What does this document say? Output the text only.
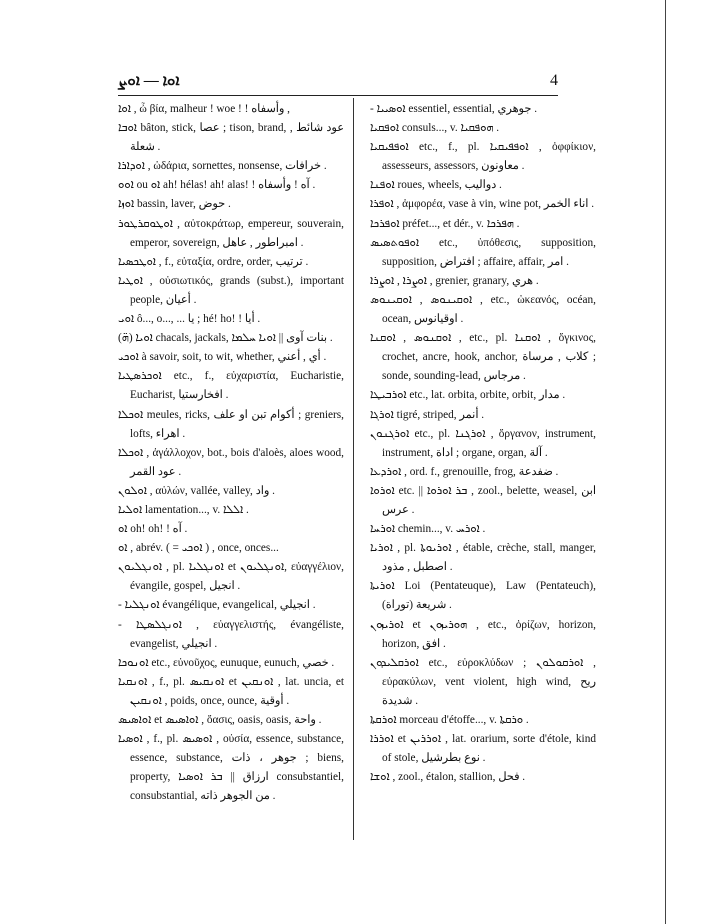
ܐܘܐ — ܐܘܨ	4

ܐܘܐ , ὦ βία, malheur ! woe ! ! وأسفاه ,

ܐܘܒܐ bâton, stick, عصا ; tison, brand, عود شائط , شعلة .

ܐܘܕܐܪܐ , ὠδάρια, sornettes, nonsense, خرافات .

ܐܘܘ ou ܐܘ ah! hélas! ah! alas! ! آه ! وأسفاه .

ܐܘܙܐ bassin, laver, حوض .

ܐܘܛܘܩܪܛܘܪ , αὐτοκράτωρ, empereur, souverain, emperor, sovereign, امبراطور , عاهل .

ܐܘܛܟܣܝܐ , f., εὐταξία, ordre, order, ترتيب .

ܐܘܛܝܐ , οὐσιωτικός, grands (subst.), important people, أعيان .

ܐܘܝ ô..., o..., ... يا ; hé! ho! ! أيا .

ܐܘܝܐ (ܗ̈) chacals, jackals, بنات آوى || ܐܘܝܐ ܚܠܡܐ .

ܐܘܟܝ à savoir, soit, to wit, whether, أي , أعني .

ܐܘܟܪܣܛܝܐ etc., f., εὐχαριστία, Eucharistie, Eucharist, افخارستيا .

ܐܘܟܠܐ meules, ricks, أكوام تبن او علف ; greniers, lofts, اهراء .

ܐܘܟܠܐ , ἀγάλλοχον, bot., bois d'aloès, aloes wood, عود القمر .

ܐܘܠܘܢ , αὐλών, vallée, valley, واد .

ܐܘܠܝܐ lamentation..., v. ܐܠܠܐ .

ܐܘ oh! oh! ! آه .

ܐܘ , abrév. ( = ܐܘܟܝ ) , once, onces...

ܐܘܢܓܠܝܘܢ , pl. ܐܘܢܓܠܝܐ et ܐܘܢܓܠܝܘܢ, εὐαγγέλιον, évangile, gospel, انجيل .

- ܐܘܢܓܠܝܐ évangélique, evangelical, انجيلي .

- ܐܘܢܓܠܣܛܐ , εὐαγγελιστής, évangéliste, evangelist, انجيلي .

ܐܘܢܘܟܐ etc., εὐνοῦχος, eunuque, eunuch, خصي .

ܐܘܢܩܝܐ , f., pl. ܐܘܢܩܝܣ et ܐܘܢܩܝܢ , lat. uncia, et ܐܘܢܩܝܢ , poids, once, ounce, أوقية .

ܐܘܐܣܝܣ et ܐܘܐܣܝܣ , ὄασις, oasis, oasis, واحة .

ܐܘܣܝܐ , f., pl. ܐܘܣܝܣ , οὐσία, essence, substance, essence, substance, جوهر ، ذات ; biens, property, ارزاق || ܒܪ ܐܘܣܝܐ consubstantiel, consubstantial, من الجوهر ذاته .

- ܐܘܣܝܝܐ essentiel, essential, جوهري .

ܐܘܦܩܝܐ consuls..., v. ܗܘܦܩܝܐ .

ܐܘܦܦܝܩܝܐ etc., f., pl. ܐܘܦܦܝܩܝܐ , ὀφφίκιον, assesseurs, assessors, معاونون .

ܐܘܦܢܐ roues, wheels, دواليب .

ܐܘܦܪܐ , ἀμφορέα, vase à vin, wine pot, اناء الخمر .

ܐܘܦܪܟܐ préfet..., et dér., v. ܗܦܪܟܐ .

ܐܘܦܘܬܣܝܣ etc., ὑπόθεσις, supposition, supposition, افتراض ; affaire, affair, امر .

ܐܘܨܪܐ , ܐܘܨܪܐ , grenier, granary, هري .

ܐܘܩܝܢܘܣ , ܐܘܩܝܢܘܣ , etc., ὠκεανός, océan, ocean, اوقيانوس .

ܐܘܩܢܘܣ , ܐܘܩܢܐ , etc., pl. ܐܘܩܢܐ , ὄγκινος, crochet, ancre, hook, anchor, كلاب , مرساة ; sonde, sounding-lead, مرجاس .

ܐܘܪܒܝܛܐ etc., lat. orbita, orbite, orbit, مدار .

ܐܘܪܓܐ tigré, striped, أنمر .

ܐܘܪܓܢܘܢ etc., pl. ܐܘܪܓܢܐ , ὄργανον, instrument, instrument, اداة ; organe, organ, آلة .

ܐܘܪܕܥܐ , ord. f., grenouille, frog, ضفدعة .

ܐܘܪܘܐ etc. || ܒܪ ܐܘܪܘܐ , zool., belette, weasel, ابن عرس .

ܐܘܪܚܐ chemin..., v. ܐܘܪܚ .

ܐܘܪܝܐ , pl. ܐܘܪܝܘܬܐ , étable, crèche, stall, manger, اصطبل , مذود .

ܐܘܪܝܬܐ Loi (Pentateuque), Law (Pentateuch), شريعة (توراة) .

ܐܘܪܝܙܘܢ et ܗܘܪܝܙܘܢ , etc., ὁρίζων, horizon, horizon, افق .

ܐܘܪܩܠܝܕܘܢ etc., εὐροκλύδων ; ܐܘܪܩܘܠܘܢ , εὐρακύλων, vent violent, high wind, ريح شديدة .

ܐܘܪܩܬܐ morceau d'étoffe..., v. ܘܪܩܬܐ .

ܐܘܪܪܐ et ܐܘܪܪܝܢ , lat. orarium, sorte d'étole, kind of stole, نوع بطرشيل .

ܐܘܫܐ , zool., étalon, stallion, فحل .
